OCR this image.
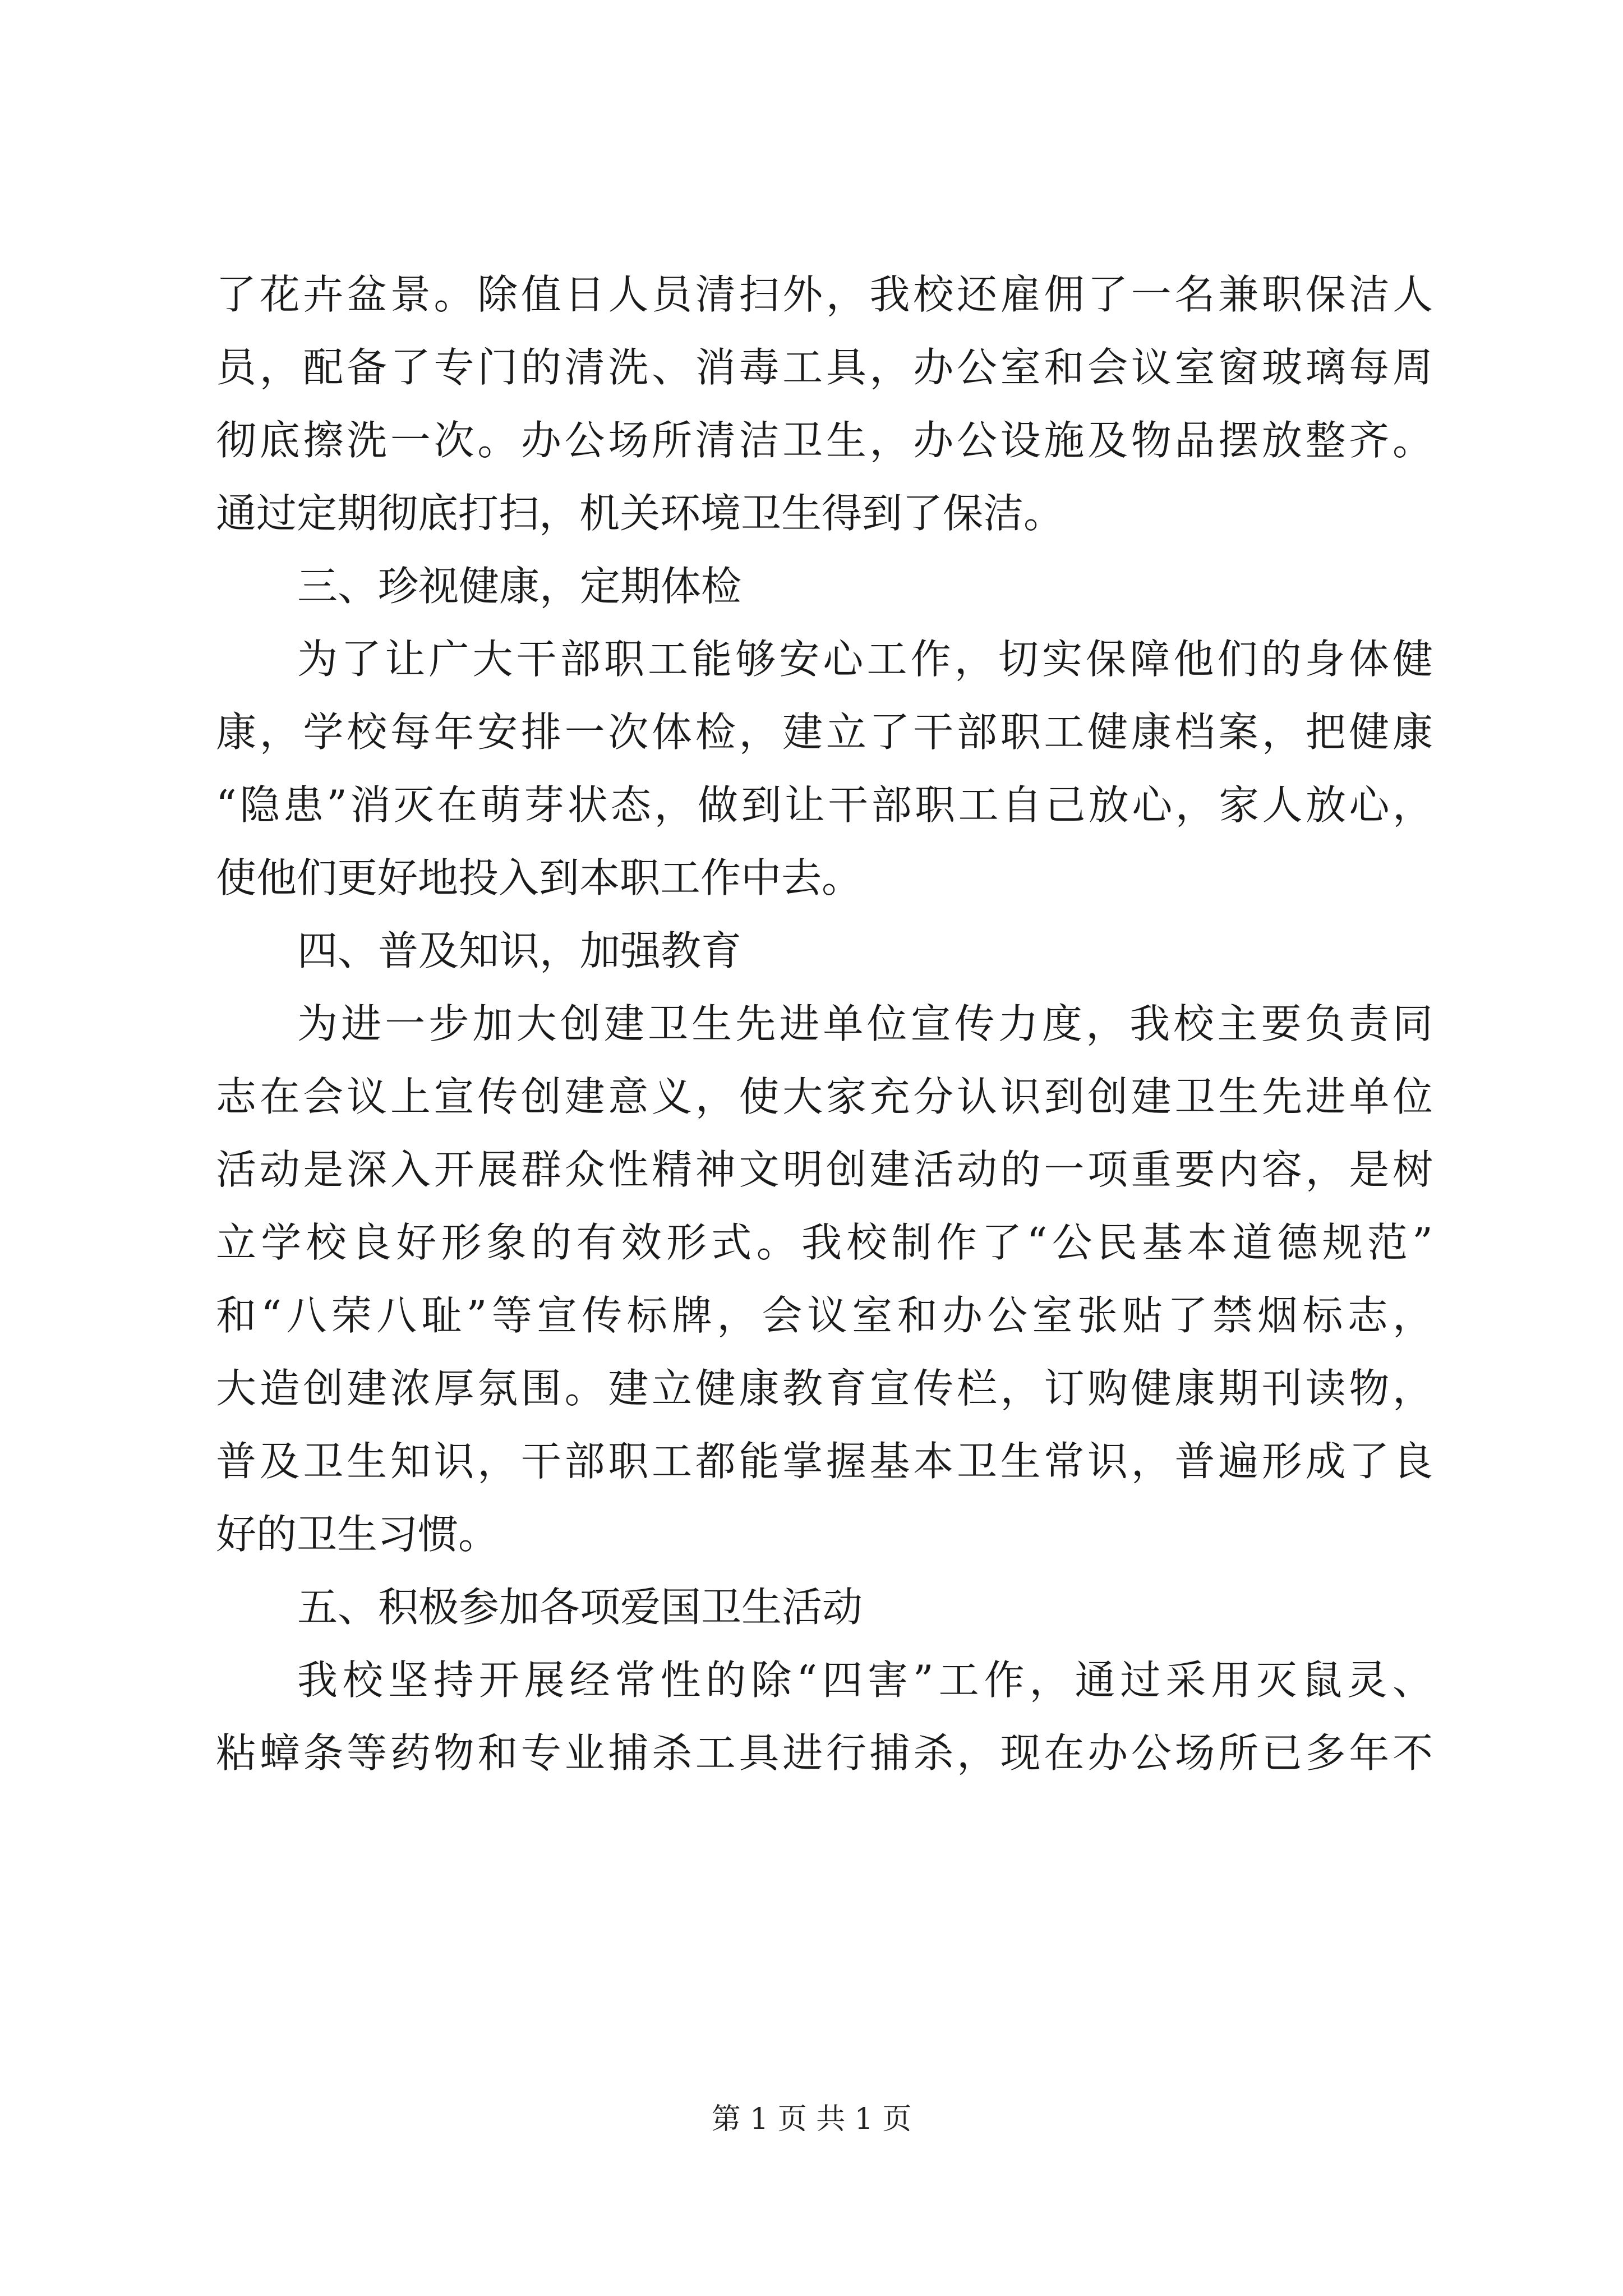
了花卉盆景。除值日人员清扫外，我校还雇佣了一名兼职保洁人
员，配备了专门的清洗、消毒工具，办公室和会议室窗玻璃每周
彻底擦洗一次。办公场所清洁卫生，办公设施及物品摆放整齐。
通过定期彻底打扫，机关环境卫生得到了保洁。
三、珍视健康，定期体检
为了让广大干部职工能够安心工作，切实保障他们的身体健
康，学校每年安排一次体检，建立了干部职工健康档案，把健康
“隐患”消灭在萌芽状态，做到让干部职工自己放心，家人放心，
使他们更好地投入到本职工作中去。
四、普及知识，加强教育
为进一步加大创建卫生先进单位宣传力度，我校主要负责同
志在会议上宣传创建意义，使大家充分认识到创建卫生先进单位
活动是深入开展群众性精神文明创建活动的一项重要内容，是树
立学校良好形象的有效形式。我校制作了“公民基本道德规范”
和“八荣八耻”等宣传标牌，会议室和办公室张贴了禁烟标志，
大造创建浓厚氛围。建立健康教育宣传栏，订购健康期刊读物，
普及卫生知识，干部职工都能掌握基本卫生常识，普遍形成了良
好的卫生习惯。
五、积极参加各项爱国卫生活动
我校坚持开展经常性的除“四害”工作，通过采用灭鼠灵、
粘蟑条等药物和专业捕杀工具进行捕杀，现在办公场所已多年不
第 1 页 共 1 页
